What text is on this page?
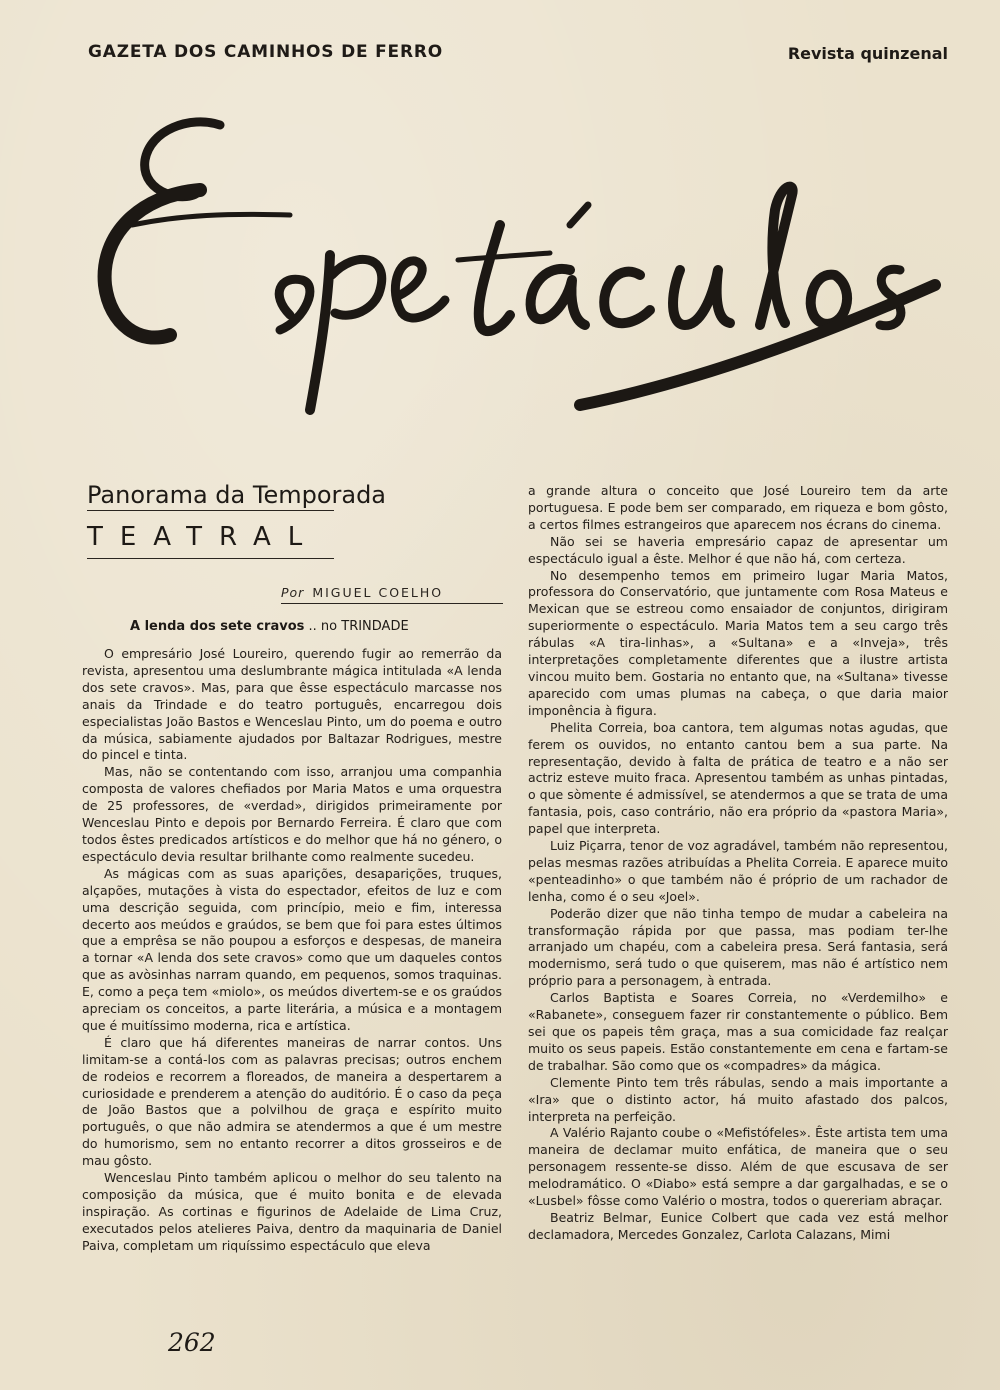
GAZETA DOS CAMINHOS DE FERRO	Revista quinzenal
Panorama da Temporada
TEATRAL
Por MIGUEL COELHO
A lenda dos sete cravos .. no TRINDADE

O empresário José Loureiro, querendo fugir ao remerrão da revista, apresentou uma deslumbrante mágica intitulada «A lenda dos sete cravos». Mas, para que êsse espectáculo marcasse nos anais da Trindade e do teatro português, encarregou dois especialistas João Bastos e Wenceslau Pinto, um do poema e outro da música, sabiamente ajudados por Baltazar Rodrigues, mestre do pincel e tinta.

Mas, não se contentando com isso, arranjou uma companhia composta de valores chefiados por Maria Matos e uma orquestra de 25 professores, de «verdad», dirigidos primeiramente por Wenceslau Pinto e depois por Bernardo Ferreira. É claro que com todos êstes predicados artísticos e do melhor que há no género, o espectáculo devia resultar brilhante como realmente sucedeu.

As mágicas com as suas aparições, desaparições, truques, alçapões, mutações à vista do espectador, efeitos de luz e com uma descrição seguida, com princípio, meio e fim, interessa decerto aos meúdos e graúdos, se bem que foi para estes últimos que a emprêsa se não poupou a esforços e despesas, de maneira a tornar «A lenda dos sete cravos» como que um daqueles contos que as avòsinhas narram quando, em pequenos, somos traquinas. E, como a peça tem «miolo», os meúdos divertem-se e os graúdos apreciam os conceitos, a parte literária, a música e a montagem que é muitíssimo moderna, rica e artística.

É claro que há diferentes maneiras de narrar contos. Uns limitam-se a contá-los com as palavras precisas; outros enchem de rodeios e recorrem a floreados, de maneira a despertarem a curiosidade e prenderem a atenção do auditório. É o caso da peça de João Bastos que a polvilhou de graça e espírito muito português, o que não admira se atendermos a que é um mestre do humorismo, sem no entanto recorrer a ditos grosseiros e de mau gôsto.

Wenceslau Pinto também aplicou o melhor do seu talento na composição da música, que é muito bonita e de elevada inspiração. As cortinas e figurinos de Adelaide de Lima Cruz, executados pelos atelieres Paiva, dentro da maquinaria de Daniel Paiva, completam um riquíssimo espectáculo que eleva

a grande altura o conceito que José Loureiro tem da arte portuguesa. E pode bem ser comparado, em riqueza e bom gôsto, a certos filmes estrangeiros que aparecem nos écrans do cinema.

Não sei se haveria empresário capaz de apresentar um espectáculo igual a êste. Melhor é que não há, com certeza.

No desempenho temos em primeiro lugar Maria Matos, professora do Conservatório, que juntamente com Rosa Mateus e Mexican que se estreou como ensaiador de conjuntos, dirigiram superiormente o espectáculo. Maria Matos tem a seu cargo três rábulas «A tira-linhas», a «Sultana» e a «Inveja», três interpretações completamente diferentes que a ilustre artista vincou muito bem. Gostaria no entanto que, na «Sultana» tivesse aparecido com umas plumas na cabeça, o que daria maior imponência à figura.

Phelita Correia, boa cantora, tem algumas notas agudas, que ferem os ouvidos, no entanto cantou bem a sua parte. Na representação, devido à falta de prática de teatro e a não ser actriz esteve muito fraca. Apresentou também as unhas pintadas, o que sòmente é admissível, se atendermos a que se trata de uma fantasia, pois, caso contrário, não era próprio da «pastora Maria», papel que interpreta.

Luiz Piçarra, tenor de voz agradável, também não representou, pelas mesmas razões atribuídas a Phelita Correia. E aparece muito «penteadinho» o que também não é próprio de um rachador de lenha, como é o seu «Joel».

Poderão dizer que não tinha tempo de mudar a cabeleira na transformação rápida por que passa, mas podiam ter-lhe arranjado um chapéu, com a cabeleira presa. Será fantasia, será modernismo, será tudo o que quiserem, mas não é artístico nem próprio para a personagem, à entrada.

Carlos Baptista e Soares Correia, no «Verdemilho» e «Rabanete», conseguem fazer rir constantemente o público. Bem sei que os papeis têm graça, mas a sua comicidade faz realçar muito os seus papeis. Estão constantemente em cena e fartam-se de trabalhar. São como que os «compadres» da mágica.

Clemente Pinto tem três rábulas, sendo a mais importante a «Ira» que o distinto actor, há muito afastado dos palcos, interpreta na perfeição.

A Valério Rajanto coube o «Mefistófeles». Êste artista tem uma maneira de declamar muito enfática, de maneira que o seu personagem ressente-se disso. Além de que escusava de ser melodramático. O «Diabo» está sempre a dar gargalhadas, e se o «Lusbel» fôsse como Valério o mostra, todos o quereriam abraçar.

Beatriz Belmar, Eunice Colbert que cada vez está melhor declamadora, Mercedes Gonzalez, Carlota Calazans, Mimi

262
